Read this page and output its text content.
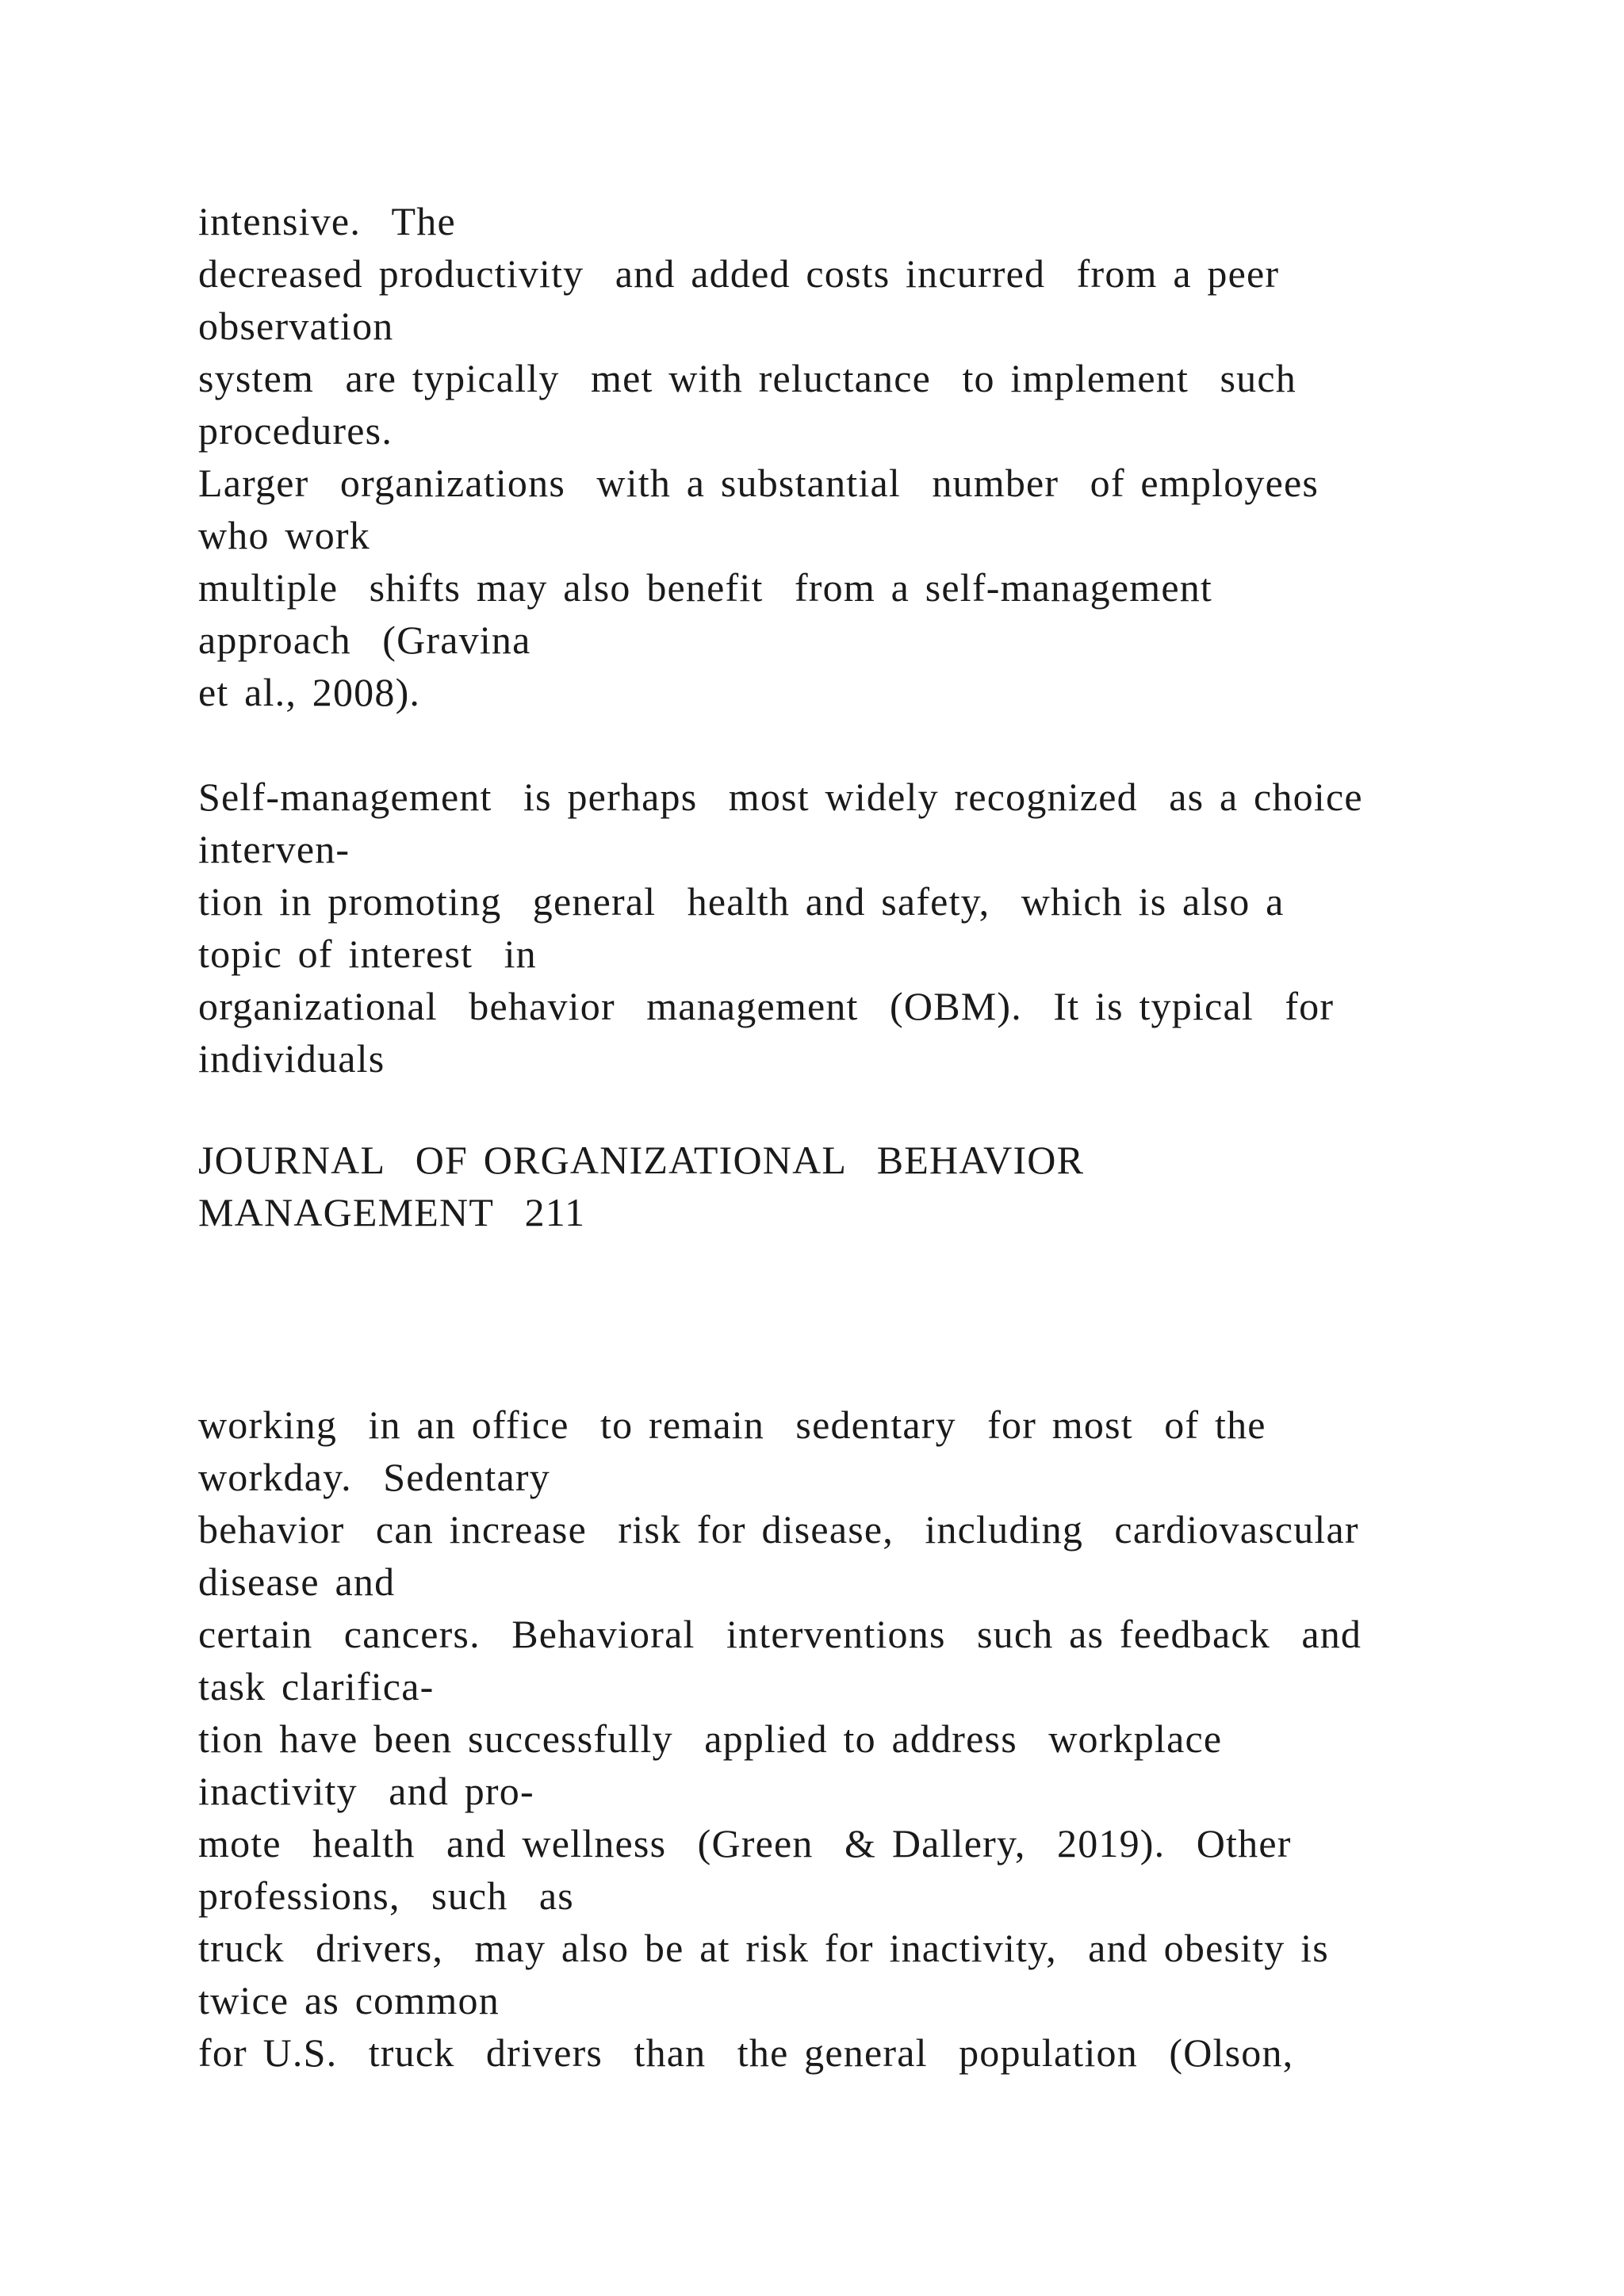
intensive.  The
decreased productivity  and added costs incurred  from a peer
observation
system  are typically  met with reluctance  to implement  such
procedures.
Larger  organizations  with a substantial  number  of employees
who work
multiple  shifts may also benefit  from a self-management
approach  (Gravina
et al., 2008).
Self-management  is perhaps  most widely recognized  as a choice
interven-
tion in promoting  general  health and safety,  which is also a
topic of interest  in
organizational  behavior  management  (OBM).  It is typical  for
individuals
JOURNAL  OF ORGANIZATIONAL  BEHAVIOR
MANAGEMENT  211
working  in an office  to remain  sedentary  for most  of the
workday.  Sedentary
behavior  can increase  risk for disease,  including  cardiovascular
disease and
certain  cancers.  Behavioral  interventions  such as feedback  and
task clarifica-
tion have been successfully  applied to address  workplace
inactivity  and pro-
mote  health  and wellness  (Green  & Dallery,  2019).  Other
professions,  such  as
truck  drivers,  may also be at risk for inactivity,  and obesity is
twice as common
for U.S.  truck  drivers  than  the general  population  (Olson,
